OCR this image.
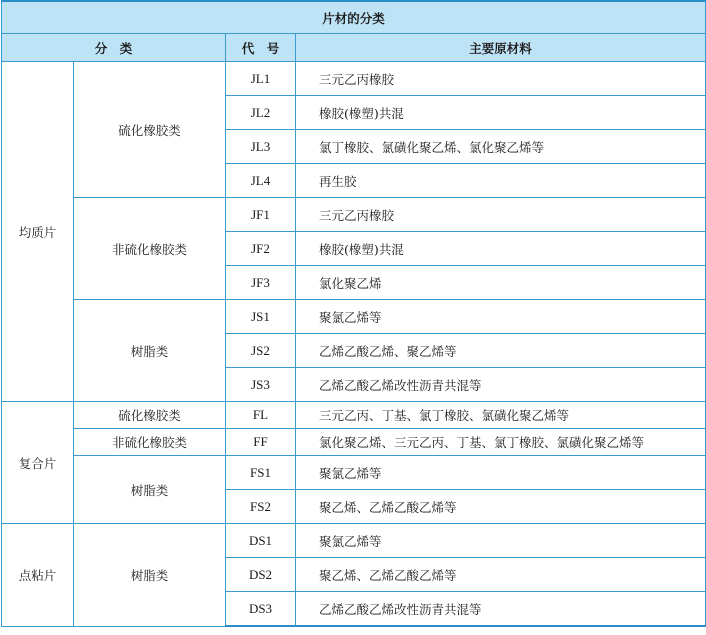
片材的分类			
分　类		代　号	主要原材料
均质片	硫化橡胶类	JL1	三元乙丙橡胶
		JL2	橡胶(橡塑)共混
		JL3	氯丁橡胶、氯磺化聚乙烯、氯化聚乙烯等
		JL4	再生胶
	非硫化橡胶类	JF1	三元乙丙橡胶
		JF2	橡胶(橡塑)共混
		JF3	氯化聚乙烯
	树脂类	JS1	聚氯乙烯等
		JS2	乙烯乙酸乙烯、聚乙烯等
		JS3	乙烯乙酸乙烯改性沥青共混等
复合片	硫化橡胶类	FL	三元乙丙、丁基、氯丁橡胶、氯磺化聚乙烯等
	非硫化橡胶类	FF	氯化聚乙烯、三元乙丙、丁基、氯丁橡胶、氯磺化聚乙烯等
	树脂类	FS1	聚氯乙烯等
		FS2	聚乙烯、乙烯乙酸乙烯等
点粘片	树脂类	DS1	聚氯乙烯等
		DS2	聚乙烯、乙烯乙酸乙烯等
		DS3	乙烯乙酸乙烯改性沥青共混等
